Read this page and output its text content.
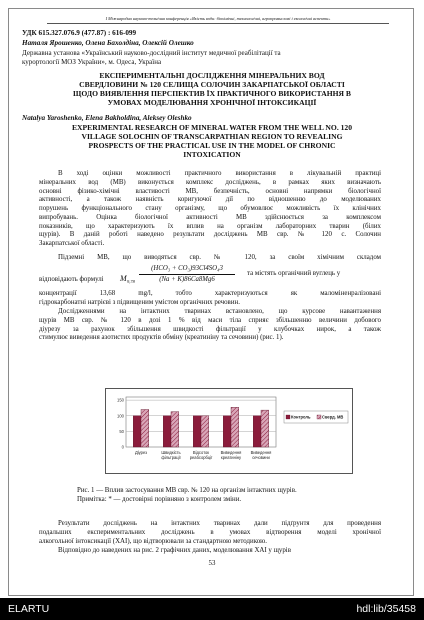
І Міжнародна науково-технічна конференція «Якість води: біохімічні, технологічні, агропромислові і екологічні аспекти»
УДК 615.327.076.9 (477.87) : 616-099
Наталя Ярошенко, Олена Бахолдіна, Олексій Олешко
Державна установа «Український науково-дослідний інститут медичної реабілітації та
курортології МОЗ України», м. Одеса, Україна
ЕКСПЕРИМЕНТАЛЬНІ ДОСЛІДЖЕННЯ МІНЕРАЛЬНИХ ВОД
СВЕРДЛОВИНИ № 120 СЕЛИЩА СОЛОЧИН ЗАКАРПАТСЬКОЇ ОБЛАСТІ
ЩОДО ВИЯВЛЕННЯ ПЕРСПЕКТИВ ЇХ ПРАКТИЧНОГО ВИКОРИСТАННЯ В
УМОВАХ МОДЕЛЮВАННЯ ХРОНІЧНОЇ ІНТОКСИКАЦІЇ
Natalya Yaroshenko, Elena Bakholdina, Aleksey Oleshko
EXPERIMENTAL RESEARCH OF MINERAL WATER FROM THE WELL NO. 120
VILLAGE SOLOCHIN OF TRANSCARPATHIAN REGION TO REVEALING
PROSPECTS OF THE PRACTICAL USE IN THE MODEL OF CHRONIC
INTOXICATION
В ході оцінки можливості практичного використання в лікувальній практиці
мінеральних вод (МВ) виконується комплекс досліджень, в рамках яких визначають
основні фізико-хімічні властивості МВ, безпечність, основні напрямки біологічної
активності, а також наявність коригуючої дії по відношенню до моделюваних
порушень функціонального стану організму, що обумовлює можливість їх клінічних
випробувань. Оцінка біологічної активності МВ здійснюється за комплексом
показників, що характеризують їх вплив на організм лабораторних тварин (білих
щурів). В даній роботі наведено результати досліджень МВ свр. № 120 с. Солочин
Закарпатської області.
Підземні МВ, що виводяться свр. № 120, за своїм хімічним складом
відповідають формулі M 9,78
(HCO₃ + CO₃)93Cl4SO₄3
(Na + K)86Ca8Mg6
та містять органічний вуглець у
концентрації 13,68 mg/l, тобто характеризуються як маломіненралізовані
гідрокарбонатні натрієві з підвищеним умістом органічних речовин.
Дослідженнями на інтактних тваринах встановлено, що курсове навантаження
щурів МВ свр. № 120 в дозі 1 % від маси тіла сприяє збільшенню величини добового
діурезу за рахунок збільшення швидкості фільтрації у клубочках нирок, а також
стимулює виведення азотистих продуктів обміну (креатиніну та сечовини) (рис. 1).
0
50
100
150
Діурез	Швидкість
фільтрації
Відсоток
реабсорбції
Виведення
креатиніну
Виведення
сечовини
Контроль	Сверд. МВ
Рис. 1 — Вплив застосування МВ свр. № 120 на організм інтактних щурів.
Примітка: * — достовірні порівняно з контролем зміни.
Результати досліджень на інтактних тваринах дали підґрунтя для проведення
подальших експериментальних досліджень в умовах відтворення моделі хронічної
алкогольної інтоксикації (ХАІ), що відтворювали за стандартною методикою.
Відповідно до наведених на рис. 2 графічних даних, моделювання ХАІ у щурів
53
ELARTU	hdl:lib/35458
